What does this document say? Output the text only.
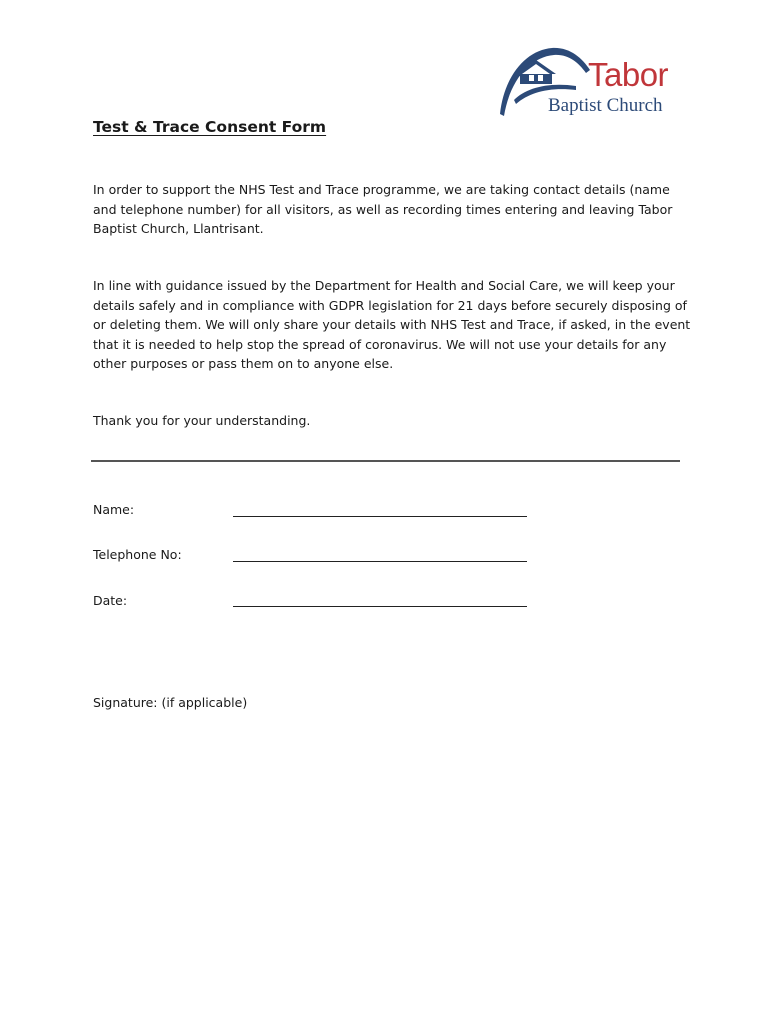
Tabor
Baptist Church
Test & Trace Consent Form

In order to support the NHS Test and Trace programme, we are taking contact details (name and telephone number) for all visitors, as well as recording times entering and leaving Tabor Baptist Church, Llantrisant.

In line with guidance issued by the Department for Health and Social Care, we will keep your details safely and in compliance with GDPR legislation for 21 days before securely disposing of or deleting them. We will only share your details with NHS Test and Trace, if asked, in the event that it is needed to help stop the spread of coronavirus. We will not use your details for any other purposes or pass them on to anyone else.

Thank you for your understanding.

Name:
Telephone No:
Date:
Signature: (if applicable)
